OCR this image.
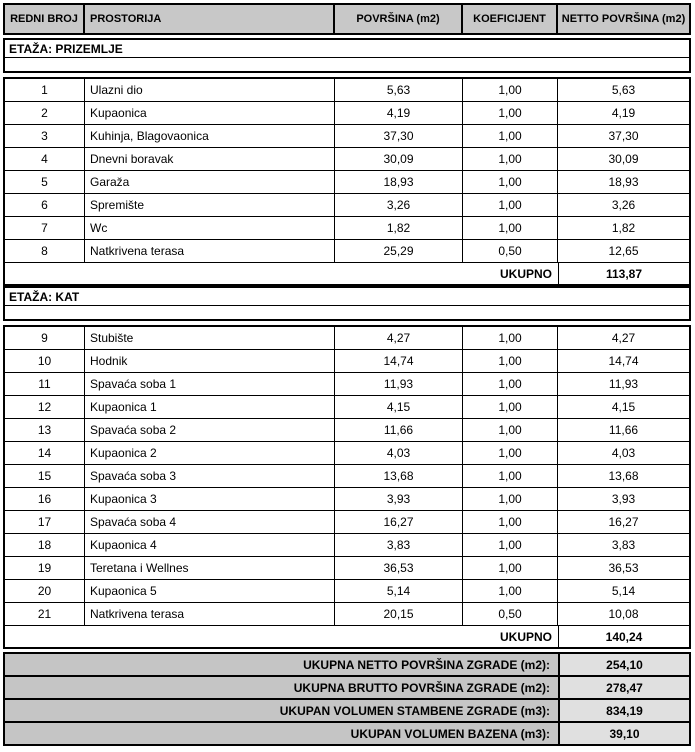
REDNI BROJ	PROSTORIJA	POVRŠINA (m2)	KOEFICIJENT	NETTO POVRŠINA (m2)
ETAŽA: PRIZEMLJE
1	Ulazni dio	5,63	1,00	5,63
2	Kupaonica	4,19	1,00	4,19
3	Kuhinja, Blagovaonica	37,30	1,00	37,30
4	Dnevni boravak	30,09	1,00	30,09
5	Garaža	18,93	1,00	18,93
6	Spremište	3,26	1,00	3,26
7	Wc	1,82	1,00	1,82
8	Natkrivena terasa	25,29	0,50	12,65
UKUPNO	113,87
ETAŽA: KAT
9	Stubište	4,27	1,00	4,27
10	Hodnik	14,74	1,00	14,74
11	Spavaća soba 1	11,93	1,00	11,93
12	Kupaonica 1	4,15	1,00	4,15
13	Spavaća soba 2	11,66	1,00	11,66
14	Kupaonica 2	4,03	1,00	4,03
15	Spavaća soba 3	13,68	1,00	13,68
16	Kupaonica 3	3,93	1,00	3,93
17	Spavaća soba 4	16,27	1,00	16,27
18	Kupaonica 4	3,83	1,00	3,83
19	Teretana i Wellnes	36,53	1,00	36,53
20	Kupaonica 5	5,14	1,00	5,14
21	Natkrivena terasa	20,15	0,50	10,08
UKUPNO	140,24
UKUPNA NETTO POVRŠINA ZGRADE (m2):	254,10
UKUPNA BRUTTO POVRŠINA ZGRADE (m2):	278,47
UKUPAN VOLUMEN STAMBENE ZGRADE (m3):	834,19
UKUPAN VOLUMEN BAZENA (m3):	39,10
